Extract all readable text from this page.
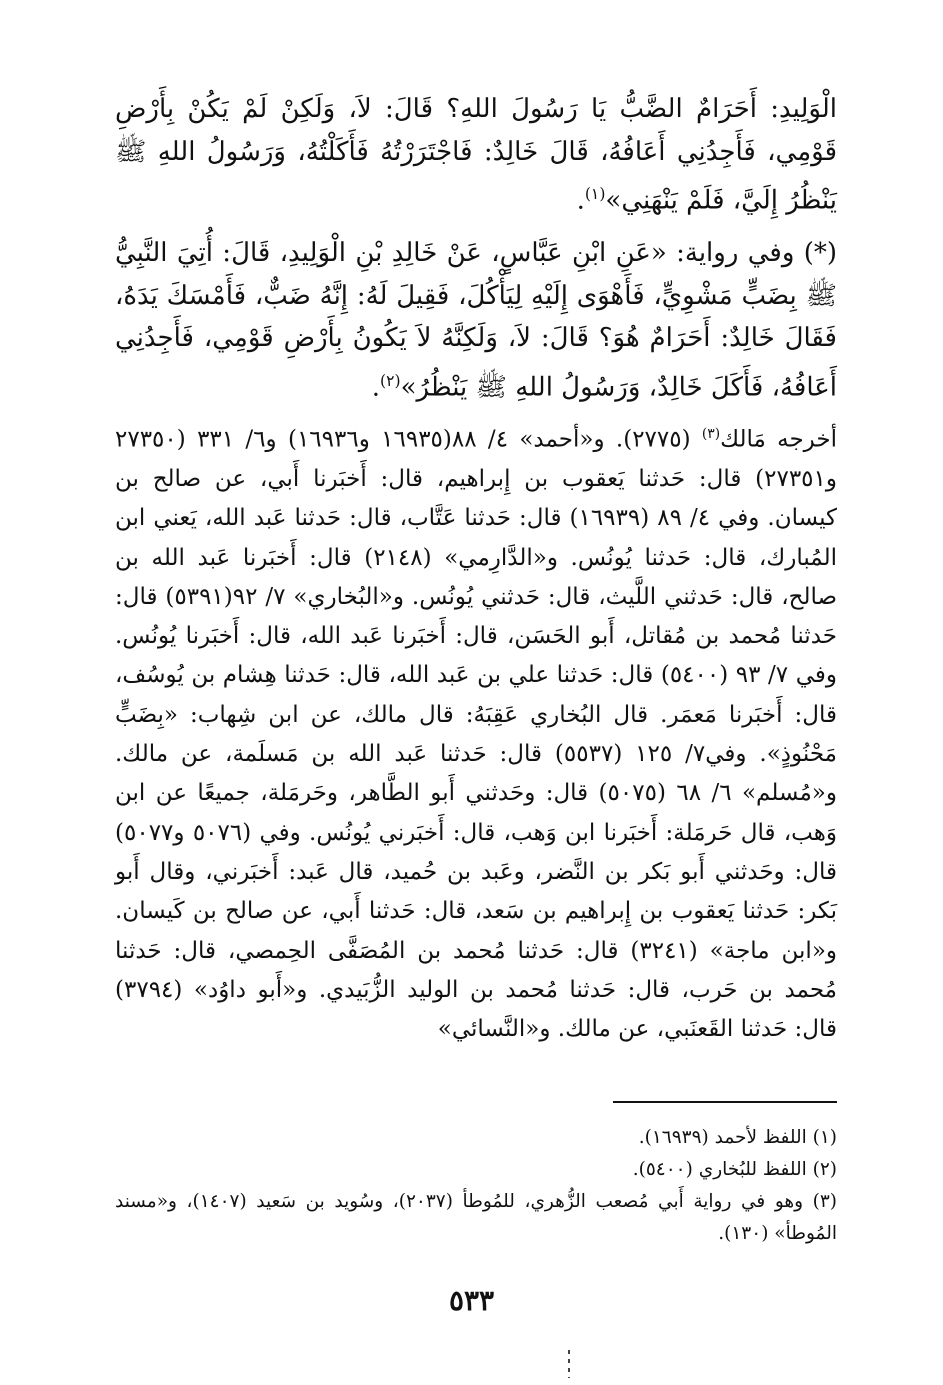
الْوَلِيدِ: أَحَرَامٌ الضَّبُّ يَا رَسُولَ اللهِ؟ قَالَ: لاَ، وَلَكِنْ لَمْ يَكُنْ بِأَرْضِ قَوْمِي، فَأَجِدُنِي أَعَافُهُ، قَالَ خَالِدٌ: فَاجْتَرَرْتُهُ فَأَكَلْتُهُ، وَرَسُولُ اللهِ ﷺ يَنْظُرُ إِلَيَّ، فَلَمْ يَنْهَنِي»$^{(١)}$.

(*) وفي رواية: «عَنِ ابْنِ عَبَّاسٍ، عَنْ خَالِدِ بْنِ الْوَلِيدِ، قَالَ: أُتِيَ النَّبِيُّ ﷺ بِضَبٍّ مَشْوِيٍّ، فَأَهْوَى إِلَيْهِ لِيَأْكُلَ، فَقِيلَ لَهُ: إِنَّهُ ضَبٌّ، فَأَمْسَكَ يَدَهُ، فَقَالَ خَالِدٌ: أَحَرَامٌ هُوَ؟ قَالَ: لاَ، وَلَكِنَّهُ لاَ يَكُونُ بِأَرْضِ قَوْمِي، فَأَجِدُنِي أَعَافُهُ، فَأَكَلَ خَالِدٌ، وَرَسُولُ اللهِ ﷺ يَنْظُرُ»$^{(٢)}$.

أخرجه مَالك$^{(٣)}$ (٢٧٧٥). و«أحمد» ٤/ ٨٨(١٦٩٣٥ و١٦٩٣٦) و٦/ ٣٣١ (٢٧٣٥٠ و٢٧٣٥١) قال: حَدثنا يَعقوب بن إِبراهيم، قال: أَخبَرنا أَبي، عن صالح بن كيسان. وفي ٤/ ٨٩ (١٦٩٣٩) قال: حَدثنا عَتَّاب، قال: حَدثنا عَبد الله، يَعني ابن المُبارك، قال: حَدثنا يُونُس. و«الدَّارِمي» (٢١٤٨) قال: أَخبَرنا عَبد الله بن صالح، قال: حَدثني اللَّيث، قال: حَدثني يُونُس. و«البُخاري» ٧/ ٩٢(٥٣٩١) قال: حَدثنا مُحمد بن مُقاتل، أَبو الحَسَن، قال: أَخبَرنا عَبد الله، قال: أَخبَرنا يُونُس. وفي ٧/ ٩٣ (٥٤٠٠) قال: حَدثنا علي بن عَبد الله، قال: حَدثنا هِشام بن يُوسُف، قال: أَخبَرنا مَعمَر. قال البُخاري عَقِبَهُ: قال مالك، عن ابن شِهاب: «بِضَبٍّ مَحْنُوذٍ». وفي٧/ ١٢٥ (٥٥٣٧) قال: حَدثنا عَبد الله بن مَسلَمة، عن مالك. و«مُسلم» ٦/ ٦٨ (٥٠٧٥) قال: وحَدثني أَبو الطَّاهر، وحَرمَلة، جميعًا عن ابن وَهب، قال حَرمَلة: أَخبَرنا ابن وَهب، قال: أَخبَرني يُونُس. وفي (٥٠٧٦ و٥٠٧٧) قال: وحَدثني أَبو بَكر بن النَّضر، وعَبد بن حُميد، قال عَبد: أَخبَرني، وقال أَبو بَكر: حَدثنا يَعقوب بن إِبراهيم بن سَعد، قال: حَدثنا أَبي، عن صالح بن كَيسان. و«ابن ماجة» (٣٢٤١) قال: حَدثنا مُحمد بن المُصَفَّى الحِمصي، قال: حَدثنا مُحمد بن حَرب، قال: حَدثنا مُحمد بن الوليد الزُّبَيدي. و«أَبو داوُد» (٣٧٩٤) قال: حَدثنا القَعنَبي، عن مالك. و«النَّسائي»

(١) اللفظ لأحمد (١٦٩٣٩).

(٢) اللفظ للبُخاري (٥٤٠٠).

(٣) وهو في رواية أَبي مُصعب الزُّهري، للمُوطأ (٢٠٣٧)، وسُويد بن سَعيد (١٤٠٧)، و«مسند المُوطأ» (١٣٠).

٥٣٣
